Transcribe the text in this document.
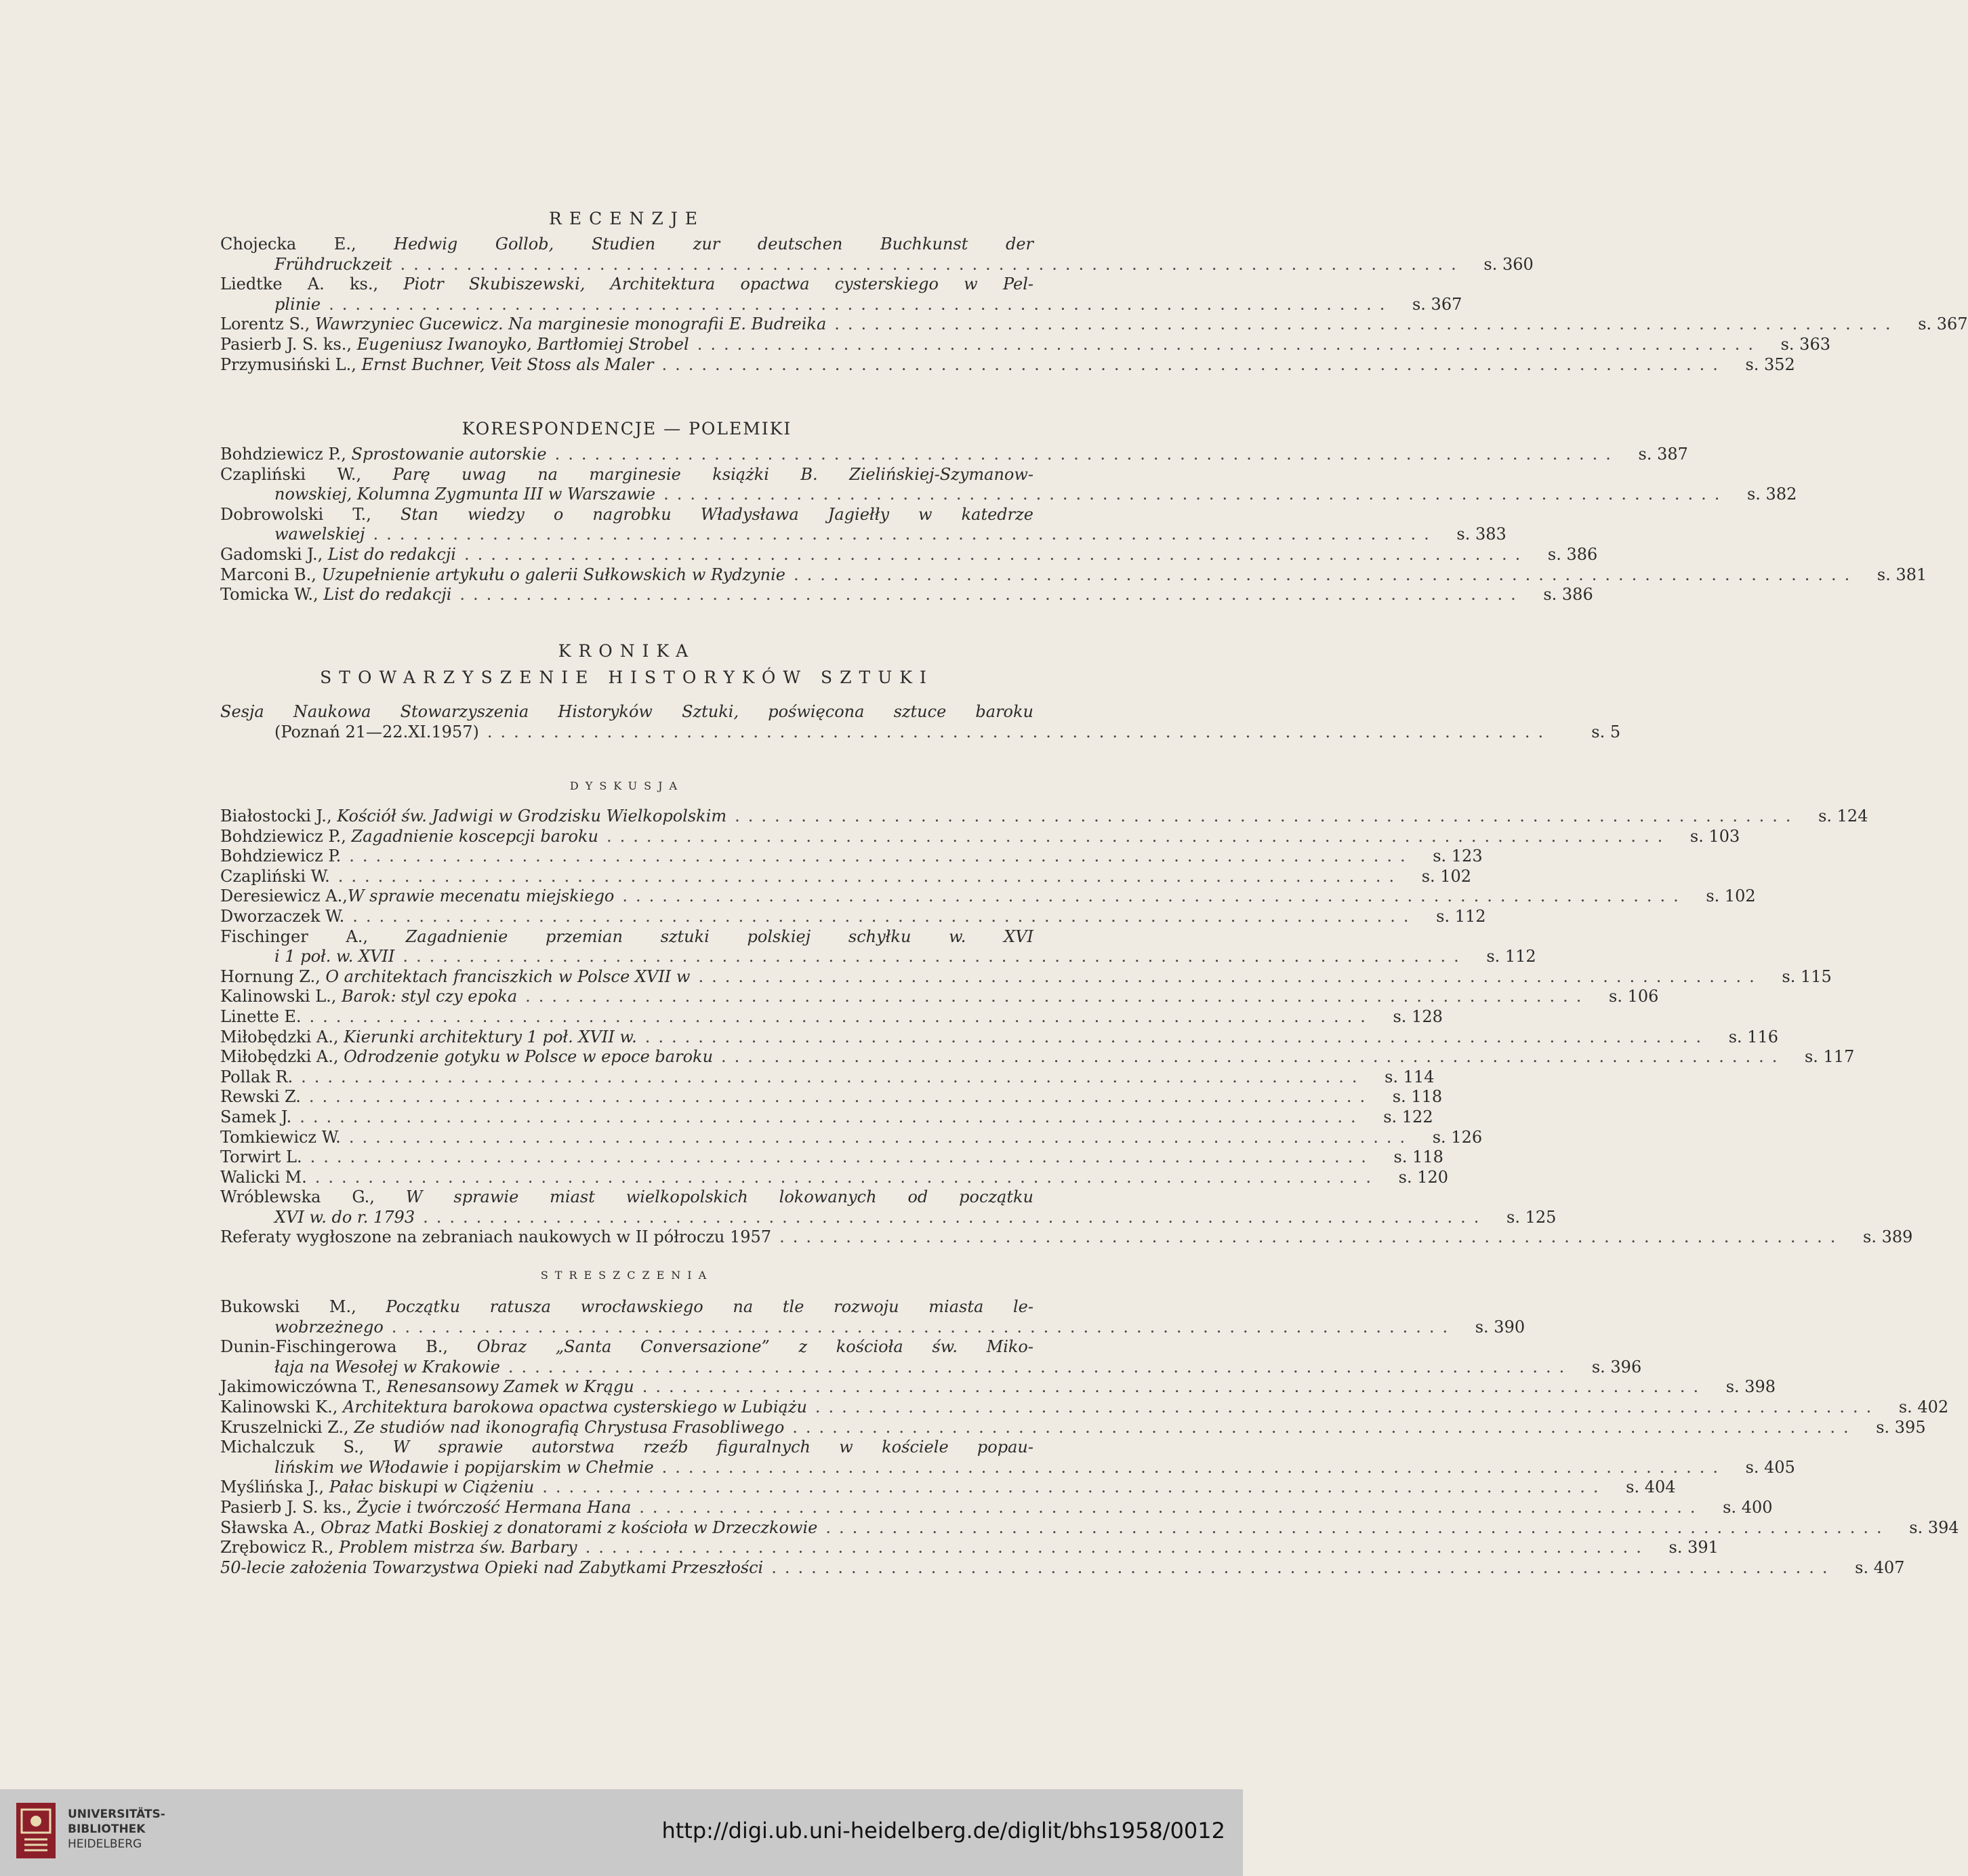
RECENZJE
Chojecka E., Hedwig Gollob, Studien zur deutschen Buchkunst der
Frühdruckzeit ................................................................................	s. 360
Liedtke A. ks., Piotr Skubiszewski, Architektura opactwa cysterskiego w Pel-
plinie ................................................................................	s. 367
Lorentz S., Wawrzyniec Gucewicz. Na marginesie monografii E. Budreika ................................................................................	s. 367
Pasierb J. S. ks., Eugeniusz Iwanoyko, Bartłomiej Strobel ................................................................................	s. 363
Przymusiński L., Ernst Buchner, Veit Stoss als Maler ................................................................................	s. 352
KORESPONDENCJE — POLEMIKI
Bohdziewicz P., Sprostowanie autorskie ................................................................................	s. 387
Czapliński W., Parę uwag na marginesie książki B. Zielińskiej-Szymanow-
nowskiej, Kolumna Zygmunta III w Warszawie ................................................................................	s. 382
Dobrowolski T., Stan wiedzy o nagrobku Władysława Jagiełły w katedrze
wawelskiej ................................................................................	s. 383
Gadomski J., List do redakcji ................................................................................	s. 386
Marconi B., Uzupełnienie artykułu o galerii Sułkowskich w Rydzynie ................................................................................	s. 381
Tomicka W., List do redakcji ................................................................................	s. 386
KRONIKA
STOWARZYSZENIE HISTORYKÓW SZTUKI
Sesja Naukowa Stowarzyszenia Historyków Sztuki, poświęcona sztuce baroku
(Poznań 21—22.XI.1957) ................................................................................	s. 5
DYSKUSJA
Białostocki J., Kościół św. Jadwigi w Grodzisku Wielkopolskim ................................................................................	s. 124
Bohdziewicz P., Zagadnienie koscepcji baroku ................................................................................	s. 103
Bohdziewicz P. ................................................................................	s. 123
Czapliński W. ................................................................................	s. 102
Deresiewicz A.,W sprawie mecenatu miejskiego ................................................................................	s. 102
Dworzaczek W. ................................................................................	s. 112
Fischinger A., Zagadnienie przemian sztuki polskiej schyłku w. XVI
i 1 poł. w. XVII ................................................................................	s. 112
Hornung Z., O architektach franciszkich w Polsce XVII w ................................................................................	s. 115
Kalinowski L., Barok: styl czy epoka ................................................................................	s. 106
Linette E. ................................................................................	s. 128
Miłobędzki A., Kierunki architektury 1 poł. XVII w. ................................................................................	s. 116
Miłobędzki A., Odrodzenie gotyku w Polsce w epoce baroku ................................................................................	s. 117
Pollak R. ................................................................................	s. 114
Rewski Z. ................................................................................	s. 118
Samek J. ................................................................................	s. 122
Tomkiewicz W. ................................................................................	s. 126
Torwirt L. ................................................................................	s. 118
Walicki M. ................................................................................	s. 120
Wróblewska G., W sprawie miast wielkopolskich lokowanych od początku
XVI w. do r. 1793 ................................................................................	s. 125
Referaty wygłoszone na zebraniach naukowych w II półroczu 1957 ................................................................................	s. 389
STRESZCZENIA
Bukowski M., Początku ratusza wrocławskiego na tle rozwoju miasta le-
wobrzeżnego ................................................................................	s. 390
Dunin-Fischingerowa B., Obraz „Santa Conversazione” z kościoła św. Miko-
łaja na Wesołej w Krakowie ................................................................................	s. 396
Jakimowiczówna T., Renesansowy Zamek w Krągu ................................................................................	s. 398
Kalinowski K., Architektura barokowa opactwa cysterskiego w Lubiążu ................................................................................	s. 402
Kruszelnicki Z., Ze studiów nad ikonografią Chrystusa Frasobliwego ................................................................................	s. 395
Michalczuk S., W sprawie autorstwa rzeźb figuralnych w kościele popau-
lińskim we Włodawie i popijarskim w Chełmie ................................................................................	s. 405
Myślińska J., Pałac biskupi w Ciążeniu ................................................................................	s. 404
Pasierb J. S. ks., Życie i twórczość Hermana Hana ................................................................................	s. 400
Sławska A., Obraz Matki Boskiej z donatorami z kościoła w Drzeczkowie ................................................................................	s. 394
Zrębowicz R., Problem mistrza św. Barbary ................................................................................	s. 391
50-lecie założenia Towarzystwa Opieki nad Zabytkami Przeszłości ................................................................................	s. 407
UNIVERSITÄTS-
BIBLIOTHEK
HEIDELBERG
http://digi.ub.uni-heidelberg.de/diglit/bhs1958/0012
